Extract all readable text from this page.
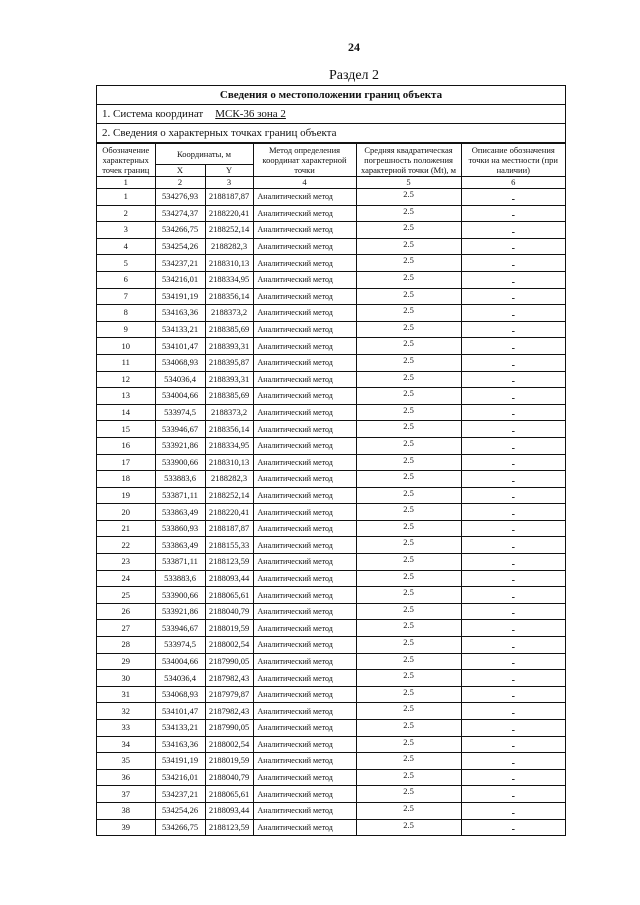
24
Раздел 2
Сведения о местоположении границ объекта
1. Система координат МСК-36 зона 2
2. Сведения о характерных точках границ объекта
Обозначение характерных точек границ	Координаты, м		Метод определения координат характерной точки	Средняя квадратическая погрешность положения характерной точки (Mt), м	Описание обозначения точки на местности (при наличии)
	X	Y			
1	2	3	4	5	6
1	534276,93	2188187,87	Аналитический метод	2.5	-
2	534274,37	2188220,41	Аналитический метод	2.5	-
3	534266,75	2188252,14	Аналитический метод	2.5	-
4	534254,26	2188282,3	Аналитический метод	2.5	-
5	534237,21	2188310,13	Аналитический метод	2.5	-
6	534216,01	2188334,95	Аналитический метод	2.5	-
7	534191,19	2188356,14	Аналитический метод	2.5	-
8	534163,36	2188373,2	Аналитический метод	2.5	-
9	534133,21	2188385,69	Аналитический метод	2.5	-
10	534101,47	2188393,31	Аналитический метод	2.5	-
11	534068,93	2188395,87	Аналитический метод	2.5	-
12	534036,4	2188393,31	Аналитический метод	2.5	-
13	534004,66	2188385,69	Аналитический метод	2.5	-
14	533974,5	2188373,2	Аналитический метод	2.5	-
15	533946,67	2188356,14	Аналитический метод	2.5	-
16	533921,86	2188334,95	Аналитический метод	2.5	-
17	533900,66	2188310,13	Аналитический метод	2.5	-
18	533883,6	2188282,3	Аналитический метод	2.5	-
19	533871,11	2188252,14	Аналитический метод	2.5	-
20	533863,49	2188220,41	Аналитический метод	2.5	-
21	533860,93	2188187,87	Аналитический метод	2.5	-
22	533863,49	2188155,33	Аналитический метод	2.5	-
23	533871,11	2188123,59	Аналитический метод	2.5	-
24	533883,6	2188093,44	Аналитический метод	2.5	-
25	533900,66	2188065,61	Аналитический метод	2.5	-
26	533921,86	2188040,79	Аналитический метод	2.5	-
27	533946,67	2188019,59	Аналитический метод	2.5	-
28	533974,5	2188002,54	Аналитический метод	2.5	-
29	534004,66	2187990,05	Аналитический метод	2.5	-
30	534036,4	2187982,43	Аналитический метод	2.5	-
31	534068,93	2187979,87	Аналитический метод	2.5	-
32	534101,47	2187982,43	Аналитический метод	2.5	-
33	534133,21	2187990,05	Аналитический метод	2.5	-
34	534163,36	2188002,54	Аналитический метод	2.5	-
35	534191,19	2188019,59	Аналитический метод	2.5	-
36	534216,01	2188040,79	Аналитический метод	2.5	-
37	534237,21	2188065,61	Аналитический метод	2.5	-
38	534254,26	2188093,44	Аналитический метод	2.5	-
39	534266,75	2188123,59	Аналитический метод	2.5	-
